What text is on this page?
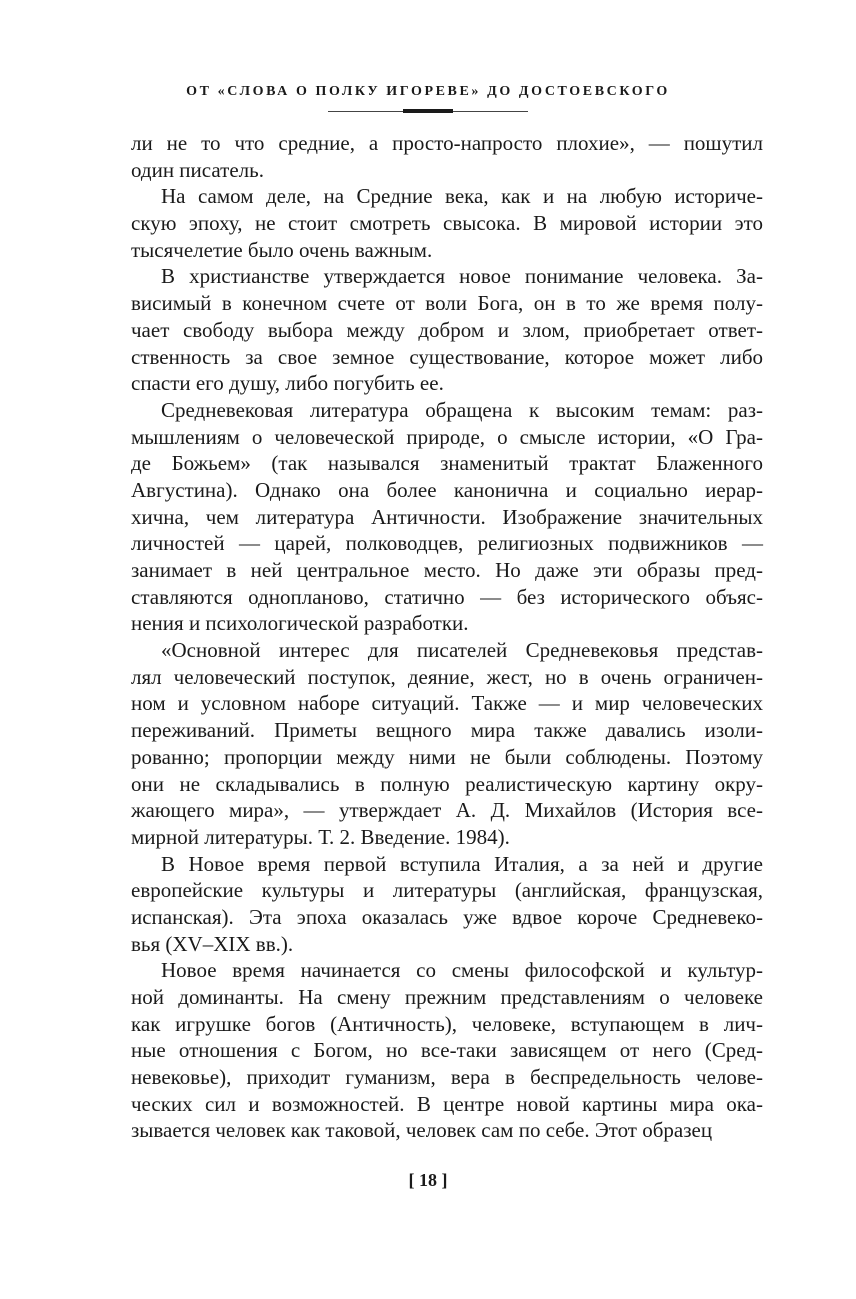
ОТ «СЛОВА О ПОЛКУ ИГОРЕВЕ» ДО ДОСТОЕВСКОГО
ли не то что средние, а просто-напросто плохие», — пошутил
один писатель.
На самом деле, на Средние века, как и на любую историче-
скую эпоху, не стоит смотреть свысока. В мировой истории это
тысячелетие было очень важным.
В христианстве утверждается новое понимание человека. За-
висимый в конечном счете от воли Бога, он в то же время полу-
чает свободу выбора между добром и злом, приобретает ответ-
ственность за свое земное существование, которое может либо
спасти его душу, либо погубить ее.
Средневековая литература обращена к высоким темам: раз-
мышлениям о человеческой природе, о смысле истории, «О Гра-
де Божьем» (так назывался знаменитый трактат Блаженного
Августина). Однако она более канонична и социально иерар-
хична, чем литература Античности. Изображение значительных
личностей — царей, полководцев, религиозных подвижников —
занимает в ней центральное место. Но даже эти образы пред-
ставляются одноплановo, статично — без исторического объяс-
нения и психологической разработки.
«Основной интерес для писателей Средневековья представ-
лял человеческий поступок, деяние, жест, но в очень ограничен-
ном и условном наборе ситуаций. Также — и мир человеческих
переживаний. Приметы вещного мира также давались изоли-
рованно; пропорции между ними не были соблюдены. Поэтому
они не складывались в полную реалистическую картину окру-
жающего мира», — утверждает А. Д. Михайлов (История все-
мирной литературы. Т. 2. Введение. 1984).
В Новое время первой вступила Италия, а за ней и другие
европейские культуры и литературы (английская, французская,
испанская). Эта эпоха оказалась уже вдвое короче Средневеко-
вья (XV–XIX вв.).
Новое время начинается со смены философской и культур-
ной доминанты. На смену прежним представлениям о человеке
как игрушке богов (Античность), человеке, вступающем в лич-
ные отношения с Богом, но все-таки зависящем от него (Сред-
невековье), приходит гуманизм, вера в беспредельность челове-
ческих сил и возможностей. В центре новой картины мира ока-
зывается человек как таковой, человек сам по себе. Этот образец
[ 18 ]
